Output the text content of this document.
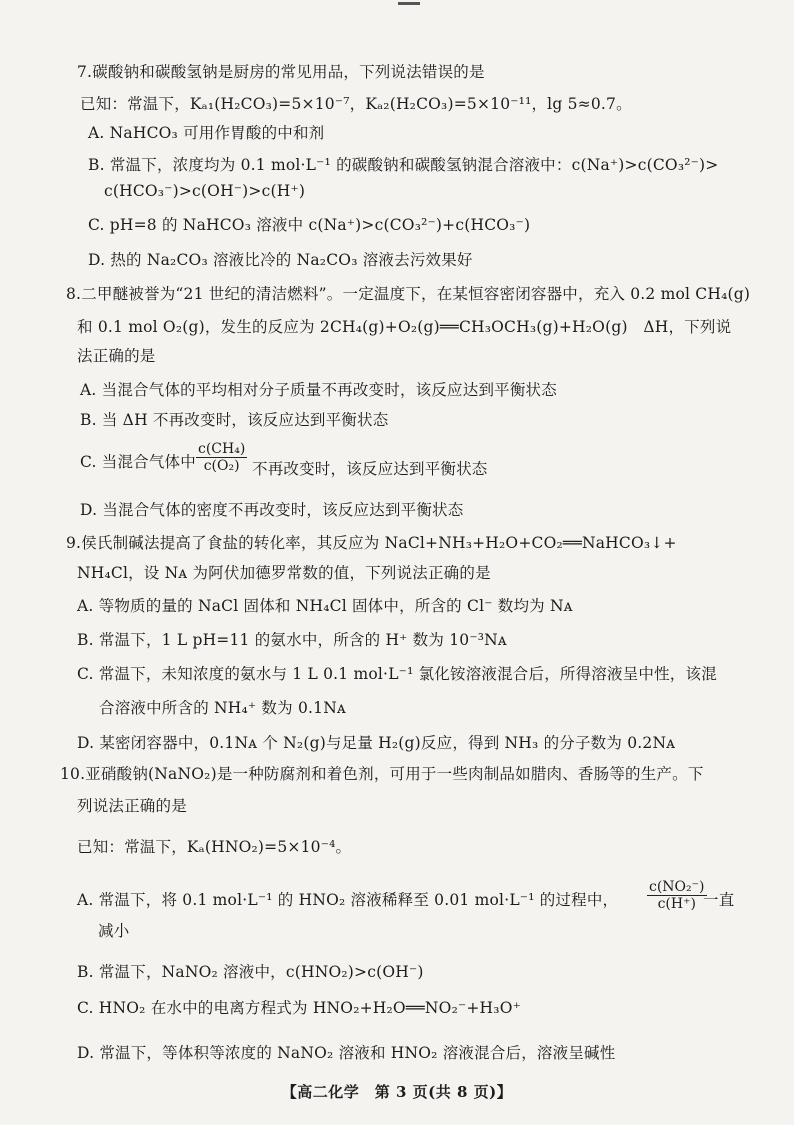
7.碳酸钠和碳酸氢钠是厨房的常见用品，下列说法错误的是
已知：常温下，Kₐ₁(H₂CO₃)=5×10⁻⁷，Kₐ₂(H₂CO₃)=5×10⁻¹¹，lg 5≈0.7。
A. NaHCO₃ 可用作胃酸的中和剂
B. 常温下，浓度均为 0.1 mol·L⁻¹ 的碳酸钠和碳酸氢钠混合溶液中：c(Na⁺)>c(CO₃²⁻)>
c(HCO₃⁻)>c(OH⁻)>c(H⁺)
C. pH=8 的 NaHCO₃ 溶液中 c(Na⁺)>c(CO₃²⁻)+c(HCO₃⁻)
D. 热的 Na₂CO₃ 溶液比冷的 Na₂CO₃ 溶液去污效果好
8.二甲醚被誉为“21 世纪的清洁燃料”。一定温度下，在某恒容密闭容器中，充入 0.2 mol CH₄(g)
和 0.1 mol O₂(g)，发生的反应为 2CH₄(g)+O₂(g)══CH₃OCH₃(g)+H₂O(g)　ΔH，下列说
法正确的是
A. 当混合气体的平均相对分子质量不再改变时，该反应达到平衡状态
B. 当 ΔH 不再改变时，该反应达到平衡状态
C. 当混合气体中 $\frac{\text{c(CH₄)}}{\text{c(O₂)}}$ 不再改变时，该反应达到平衡状态
D. 当混合气体的密度不再改变时，该反应达到平衡状态
9.侯氏制碱法提高了食盐的转化率，其反应为 NaCl+NH₃+H₂O+CO₂══NaHCO₃↓+
NH₄Cl，设 Nᴀ 为阿伏加德罗常数的值，下列说法正确的是
A. 等物质的量的 NaCl 固体和 NH₄Cl 固体中，所含的 Cl⁻ 数均为 Nᴀ
B. 常温下，1 L pH=11 的氨水中，所含的 H⁺ 数为 10⁻³Nᴀ
C. 常温下，未知浓度的氨水与 1 L 0.1 mol·L⁻¹ 氯化铵溶液混合后，所得溶液呈中性，该混
合溶液中所含的 NH₄⁺ 数为 0.1Nᴀ
D. 某密闭容器中，0.1Nᴀ 个 N₂(g)与足量 H₂(g)反应，得到 NH₃ 的分子数为 0.2Nᴀ
10.亚硝酸钠(NaNO₂)是一种防腐剂和着色剂，可用于一些肉制品如腊肉、香肠等的生产。下
列说法正确的是
已知：常温下，Kₐ(HNO₂)=5×10⁻⁴。
A. 常温下，将 0.1 mol·L⁻¹ 的 HNO₂ 溶液稀释至 0.01 mol·L⁻¹ 的过程中， $\frac{\text{c(NO₂⁻)}}{c(H^+)}$
一直
减小
B. 常温下，NaNO₂ 溶液中，c(HNO₂)>c(OH⁻)
C. HNO₂ 在水中的电离方程式为 HNO₂+H₂O══NO₂⁻+H₃O⁺
D. 常温下，等体积等浓度的 NaNO₂ 溶液和 HNO₂ 溶液混合后，溶液呈碱性
【高二化学　第 3 页(共 8 页)】
